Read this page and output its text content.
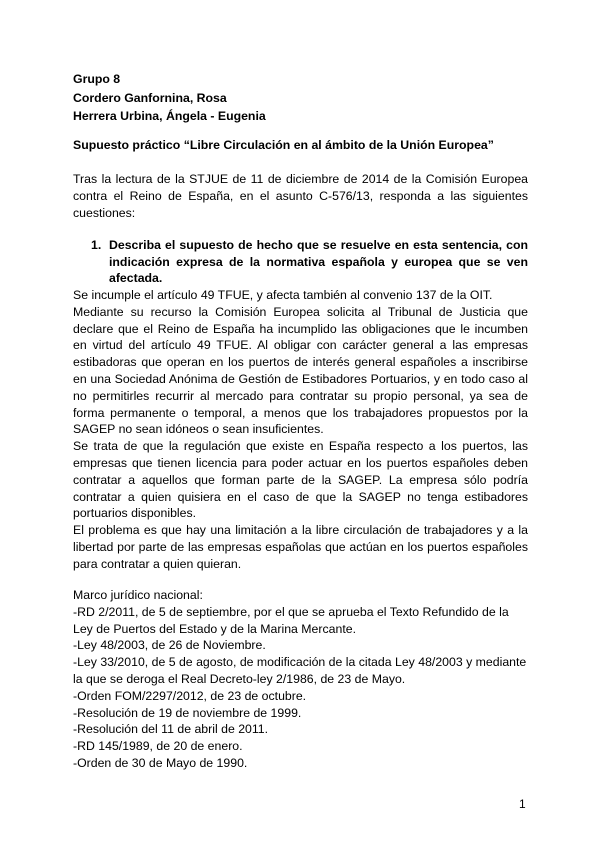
Grupo 8
Cordero Ganfornina, Rosa
Herrera Urbina, Ángela - Eugenia
Supuesto práctico “Libre Circulación en al ámbito de la Unión Europea”
Tras la lectura de la STJUE de 11 de diciembre de 2014 de la Comisión Europea contra el Reino de España, en el asunto C-576/13, responda a las siguientes cuestiones:
1. Describa el supuesto de hecho que se resuelve en esta sentencia, con indicación expresa de la normativa española y europea que se ven afectada.

Se incumple el artículo 49 TFUE, y afecta también al convenio 137 de la OIT.

Mediante su recurso la Comisión Europea solicita al Tribunal de Justicia que declare que el Reino de España ha incumplido las obligaciones que le incumben en virtud del artículo 49 TFUE. Al obligar con carácter general a las empresas estibadoras que operan en los puertos de interés general españoles a inscribirse en una Sociedad Anónima de Gestión de Estibadores Portuarios, y en todo caso al no permitirles recurrir al mercado para contratar su propio personal, ya sea de forma permanente o temporal, a menos que los trabajadores propuestos por la SAGEP no sean idóneos o sean insuficientes.

Se trata de que la regulación que existe en España respecto a los puertos, las empresas que tienen licencia para poder actuar en los puertos españoles deben contratar a aquellos que forman parte de la SAGEP. La empresa sólo podría contratar a quien quisiera en el caso de que la SAGEP no tenga estibadores portuarios disponibles.

El problema es que hay una limitación a la libre circulación de trabajadores y a la libertad por parte de las empresas españolas que actúan en los puertos españoles para contratar a quien quieran.

Marco jurídico nacional:
-RD 2/2011, de 5 de septiembre, por el que se aprueba el Texto Refundido de la Ley de Puertos del Estado y de la Marina Mercante.
-Ley 48/2003, de 26 de Noviembre.
-Ley 33/2010, de 5 de agosto, de modificación de la citada Ley 48/2003 y mediante la que se deroga el Real Decreto-ley 2/1986, de 23 de Mayo.
-Orden FOM/2297/2012, de 23 de octubre.
-Resolución de 19 de noviembre de 1999.
-Resolución del 11 de abril de 2011.
-RD 145/1989, de 20 de enero.
-Orden de 30 de Mayo de 1990.
1
